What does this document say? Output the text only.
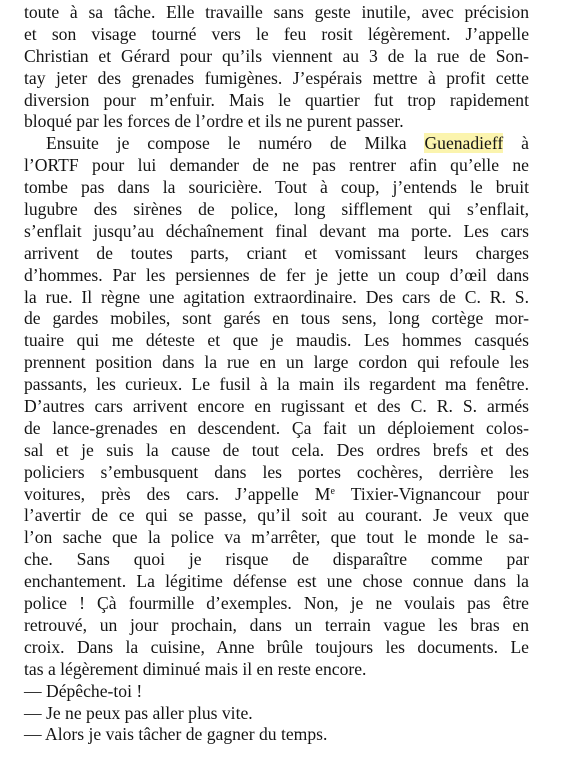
toute à sa tâche. Elle travaille sans geste inutile, avec précision
et son visage tourné vers le feu rosit légèrement. J’appelle
Christian et Gérard pour qu’ils viennent au 3 de la rue de Son-
tay jeter des grenades fumigènes. J’espérais mettre à profit cette
diversion pour m’enfuir. Mais le quartier fut trop rapidement
bloqué par les forces de l’ordre et ils ne purent passer.
Ensuite je compose le numéro de Milka Guenadieff à
l’ORTF pour lui demander de ne pas rentrer afin qu’elle ne
tombe pas dans la souricière. Tout à coup, j’entends le bruit
lugubre des sirènes de police, long sifflement qui s’enflait,
s’enflait jusqu’au déchaînement final devant ma porte. Les cars
arrivent de toutes parts, criant et vomissant leurs charges
d’hommes. Par les persiennes de fer je jette un coup d’œil dans
la rue. Il règne une agitation extraordinaire. Des cars de C. R. S.
de gardes mobiles, sont garés en tous sens, long cortège mor-
tuaire qui me déteste et que je maudis. Les hommes casqués
prennent position dans la rue en un large cordon qui refoule les
passants, les curieux. Le fusil à la main ils regardent ma fenêtre.
D’autres cars arrivent encore en rugissant et des C. R. S. armés
de lance-grenades en descendent. Ça fait un déploiement colos-
sal et je suis la cause de tout cela. Des ordres brefs et des
policiers s’embusquent dans les portes cochères, derrière les
voitures, près des cars. J’appelle Me Tixier-Vignancour pour
l’avertir de ce qui se passe, qu’il soit au courant. Je veux que
l’on sache que la police va m’arrêter, que tout le monde le sa-
che. Sans quoi je risque de disparaître comme par
enchantement. La légitime défense est une chose connue dans la
police ! Çà fourmille d’exemples. Non, je ne voulais pas être
retrouvé, un jour prochain, dans un terrain vague les bras en
croix. Dans la cuisine, Anne brûle toujours les documents. Le
tas a légèrement diminué mais il en reste encore.
— Dépêche-toi !
— Je ne peux pas aller plus vite.
— Alors je vais tâcher de gagner du temps.
